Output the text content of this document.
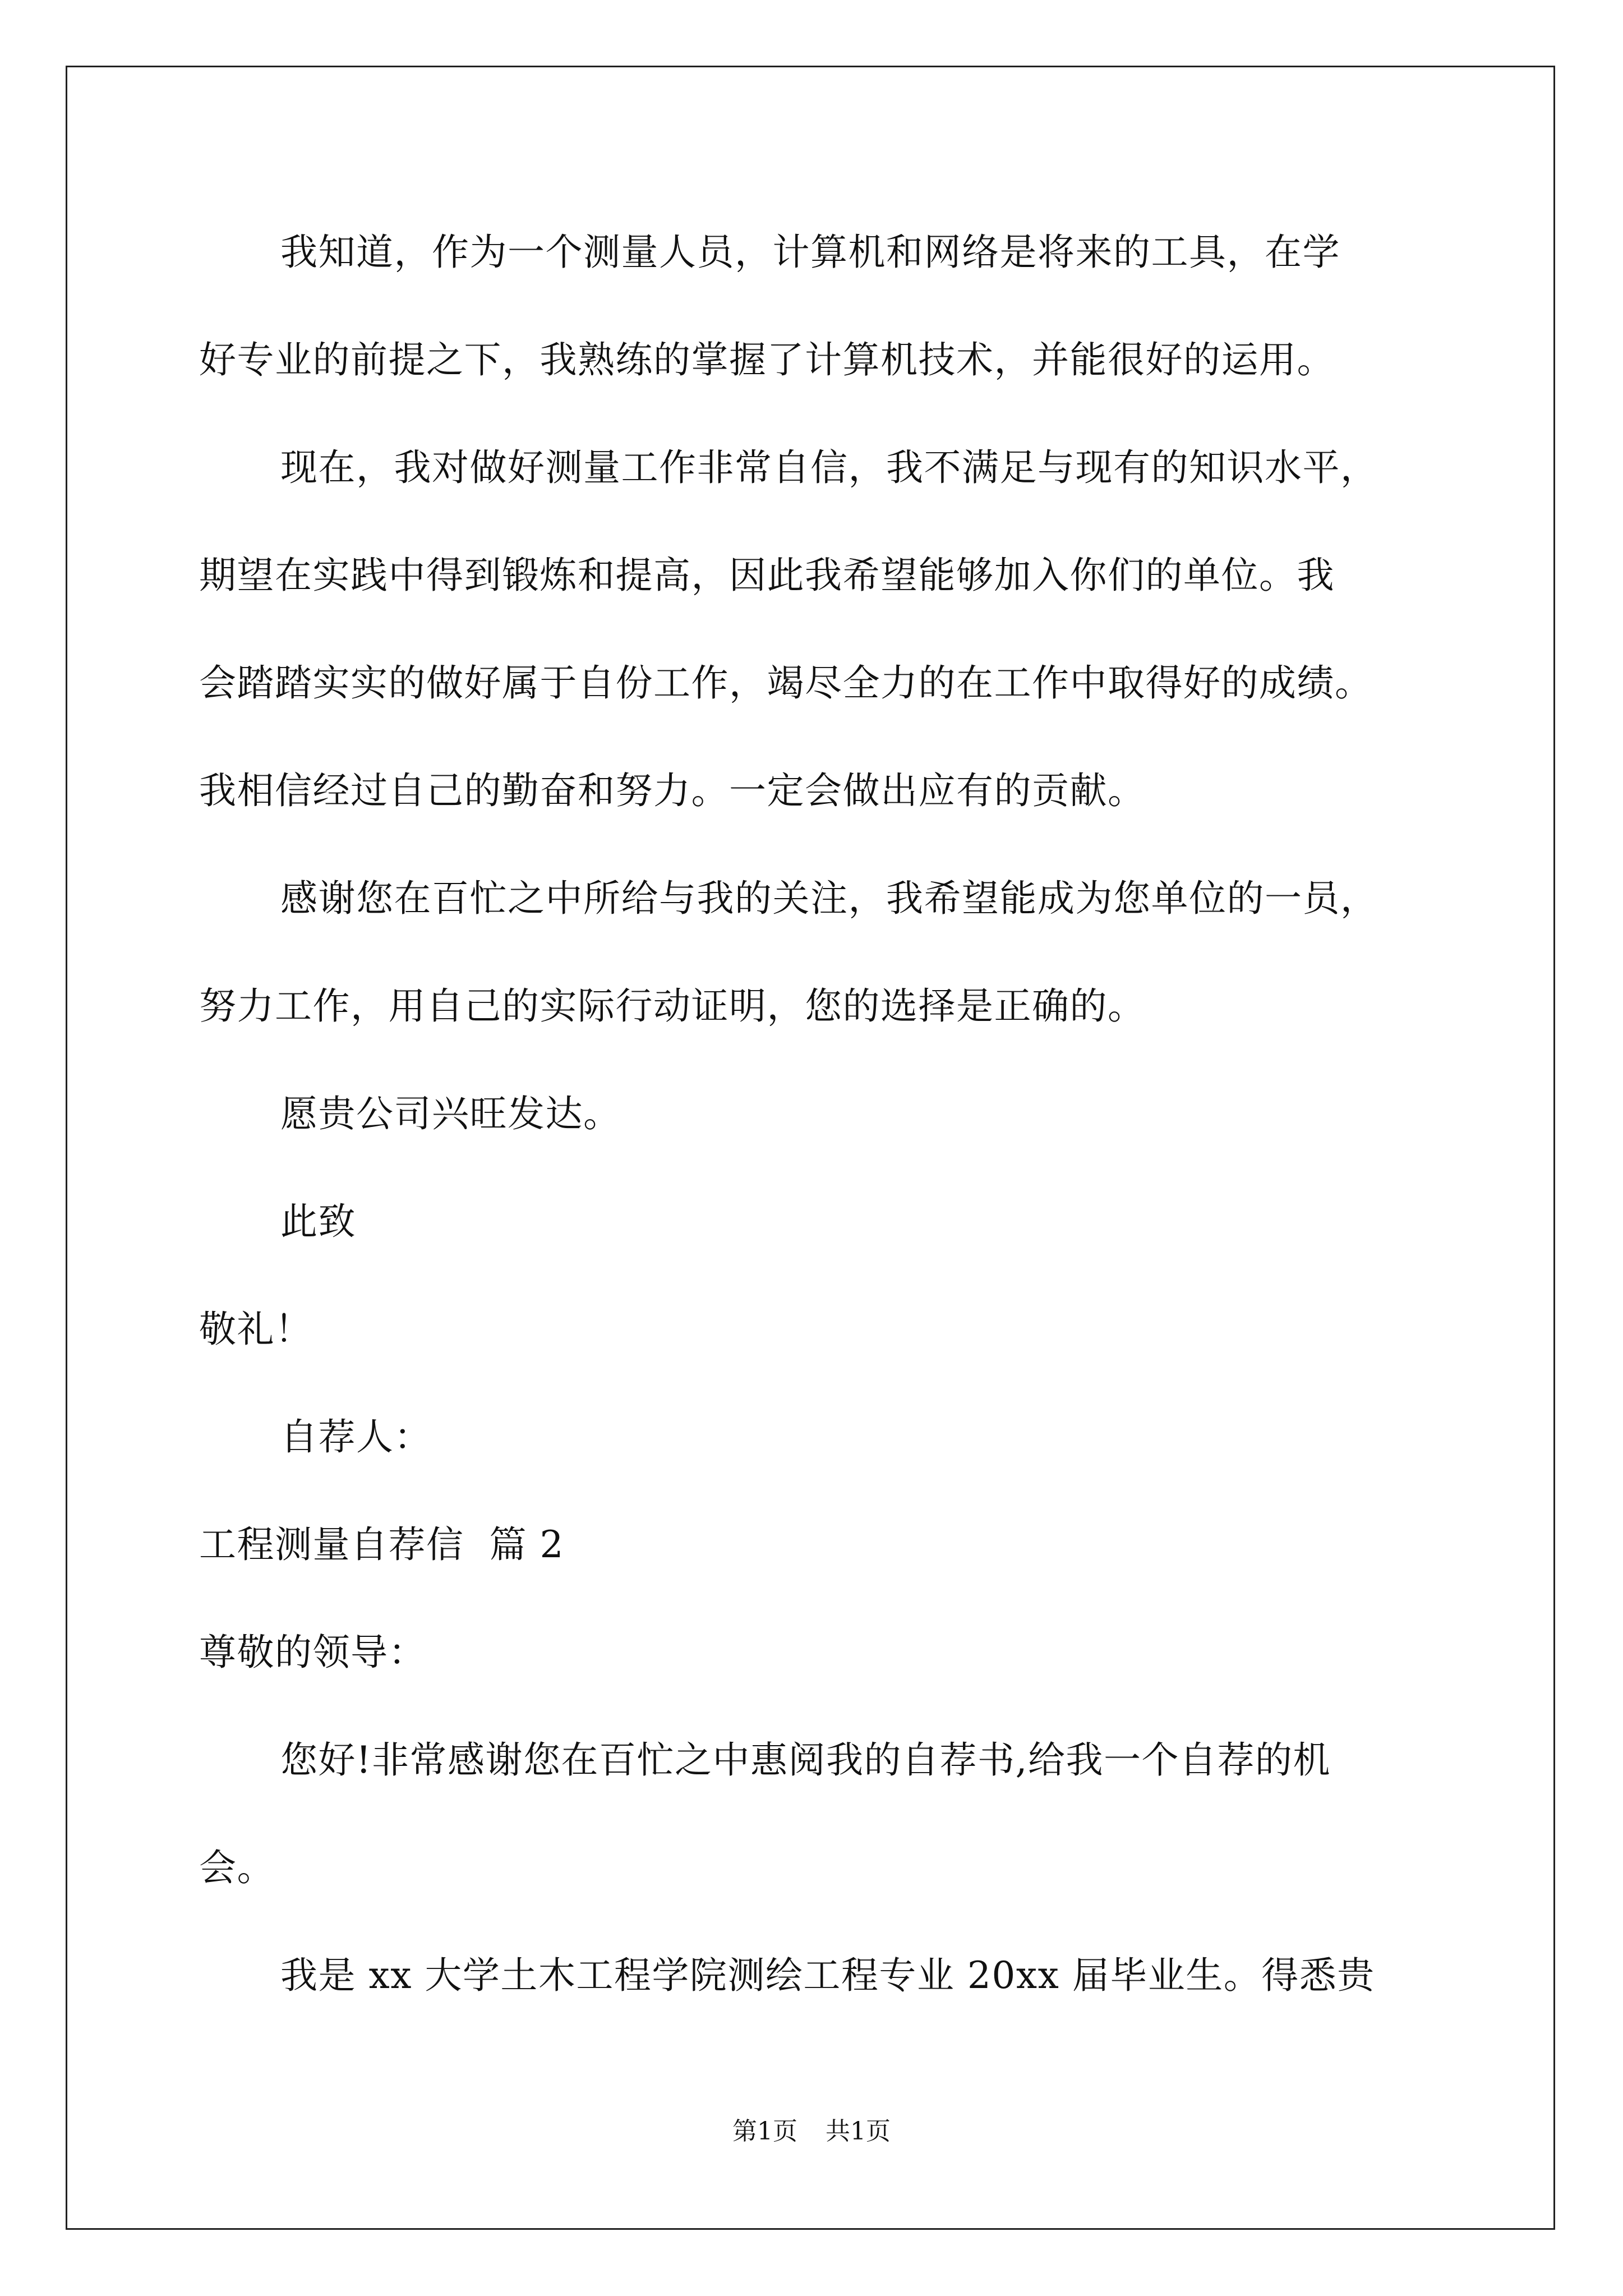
我知道，作为一个测量人员，计算机和网络是将来的工具，在学
好专业的前提之下，我熟练的掌握了计算机技术，并能很好的运用。
现在，我对做好测量工作非常自信，我不满足与现有的知识水平，
期望在实践中得到锻炼和提高，因此我希望能够加入你们的单位。我
会踏踏实实的做好属于自份工作，竭尽全力的在工作中取得好的成绩。
我相信经过自己的勤奋和努力。一定会做出应有的贡献。
感谢您在百忙之中所给与我的关注，我希望能成为您单位的一员，
努力工作，用自己的实际行动证明，您的选择是正确的。
愿贵公司兴旺发达。
此致
敬礼！
自荐人：
工程测量自荐信  篇 2
尊敬的领导：
您好!非常感谢您在百忙之中惠阅我的自荐书,给我一个自荐的机
会。
我是 xx 大学土木工程学院测绘工程专业 20xx 届毕业生。得悉贵
第1页 共1页
